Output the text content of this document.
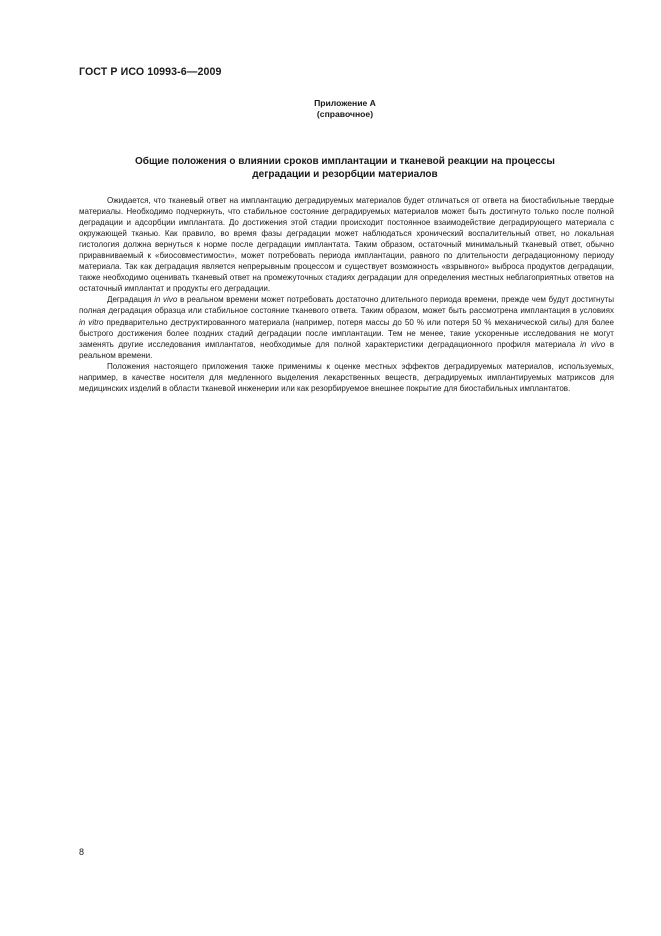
ГОСТ Р ИСО 10993-6—2009
Приложение А
(справочное)
Общие положения о влиянии сроков имплантации и тканевой реакции на процессы
деградации и резорбции материалов

Ожидается, что тканевый ответ на имплантацию деградируемых материалов будет отличаться от ответа на биостабильные твердые материалы. Необходимо подчеркнуть, что стабильное состояние деградируемых материалов может быть достигнуто только после полной деградации и адсорбции имплантата. До достижения этой стадии происходит постоянное взаимодействие деградирующего материала с окружающей тканью. Как правило, во время фазы деградации может наблюдаться хронический воспалительный ответ, но локальная гистология должна вернуться к норме после деградации имплантата. Таким образом, остаточный минимальный тканевый ответ, обычно приравниваемый к «биосовместимости», может потребовать периода имплантации, равного по длительности деградационному периоду материала. Так как деградация является непрерывным процессом и существует возможность «взрывного» выброса продуктов деградации, также необходимо оценивать тканевый ответ на промежуточных стадиях деградации для определения местных неблагоприятных ответов на остаточный имплантат и продукты его деградации.

Деградация in vivo в реальном времени может потребовать достаточно длительного периода времени, прежде чем будут достигнуты полная деградация образца или стабильное состояние тканевого ответа. Таким образом, может быть рассмотрена имплантация в условиях in vitro предварительно деструктированного материала (например, потеря массы до 50 % или потеря 50 % механической силы) для более быстрого достижения более поздних стадий деградации после имплантации. Тем не менее, такие ускоренные исследования не могут заменять другие исследования имплантатов, необходимые для полной характеристики деградационного профиля материала in vivo в реальном времени.

Положения настоящего приложения также применимы к оценке местных эффектов деградируемых материалов, используемых, например, в качестве носителя для медленного выделения лекарственных веществ, деградируемых имплантируемых матриксов для медицинских изделий в области тканевой инженерии или как резорбируемое внешнее покрытие для биостабильных имплантатов.

8
